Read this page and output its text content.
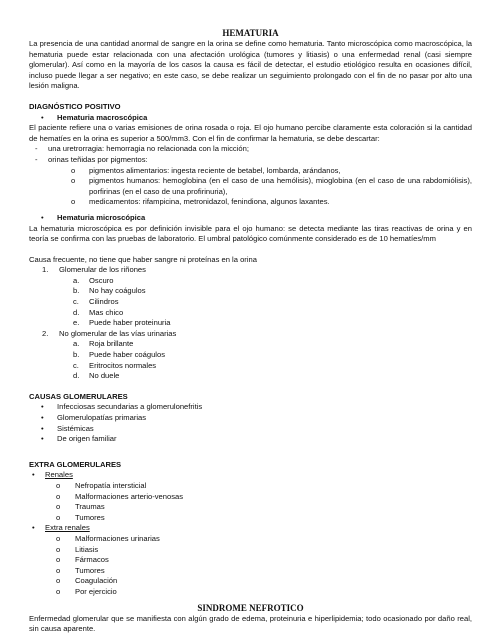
HEMATURIA

La presencia de una cantidad anormal de sangre en la orina se define como hematuria. Tanto microscópica como macroscópica, la hematuria puede estar relacionada con una afectación urológica (tumores y litiasis) o una enfermedad renal (casi siempre glomerular). Así como en la mayoría de los casos la causa es fácil de detectar, el estudio etiológico resulta en ocasiones difícil, incluso puede llegar a ser negativo; en este caso, se debe realizar un seguimiento prolongado con el fin de no pasar por alto una lesión maligna.

DIAGNÓSTICO POSITIVO

•	Hematuria macroscópica

El paciente refiere una o varias emisiones de orina rosada o roja. El ojo humano percibe claramente esta coloración si la cantidad de hematíes en la orina es superior a 500/mm3. Con el fin de confirmar la hematuria, se debe descartar:

-	una uretrorragia: hemorragia no relacionada con la micción;
-	orinas teñidas por pigmentos:
o	pigmentos alimentarios: ingesta reciente de betabel, lombarda, arándanos,
o	pigmentos humanos: hemoglobina (en el caso de una hemólisis), mioglobina (en el caso de una rabdomiólisis), porfirinas (en el caso de una profirinuria),
o	medicamentos: rifampicina, metronidazol, fenindiona, algunos laxantes.
•	Hematuria microscópica

La hematuria microscópica es por definición invisible para el ojo humano: se detecta mediante las tiras reactivas de orina y en teoría se confirma con las pruebas de laboratorio. El umbral patológico comúnmente considerado es de 10 hematíes/mm

Causa frecuente, no tiene que haber sangre ni proteínas en la orina

1.	Glomerular de los riñones
a.	Oscuro
b.	No hay coágulos
c.	Cilindros
d.	Mas chico
e.	Puede haber proteinuria
2.	No glomerular de las vías urinarias
a.	Roja brillante
b.	Puede haber coágulos
c.	Eritrocitos normales
d.	No duele

CAUSAS GLOMERULARES

•	Infecciosas secundarias a glomerulonefritis
•	Glomerulopatías primarias
•	Sistémicas
•	De origen familiar

EXTRA GLOMERULARES

•	Renales
o	Nefropatía intersticial
o	Malformaciones arterio-venosas
o	Traumas
o	Tumores
•	Extra renales
o	Malformaciones urinarias
o	Litiasis
o	Fármacos
o	Tumores
o	Coagulación
o	Por ejercicio
SINDROME NEFROTICO

Enfermedad glomerular que se manifiesta con algún grado de edema, proteinuria e hiperlipidemia; todo ocasionado por daño real, sin causa aparente.
